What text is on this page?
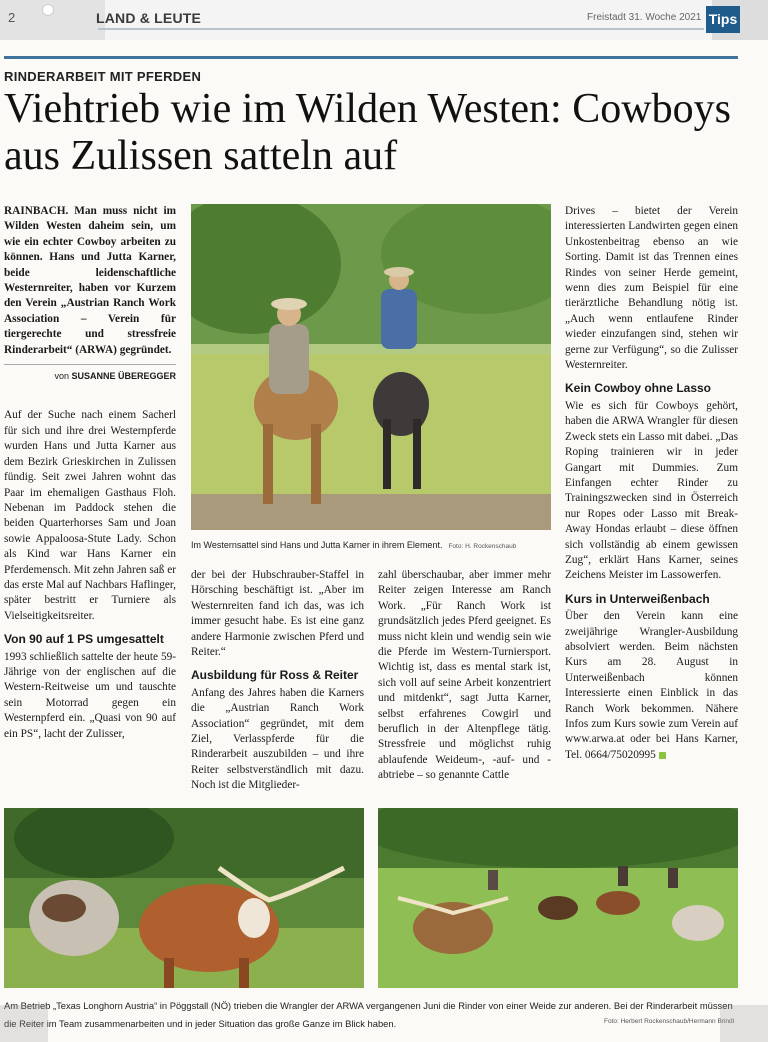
2	LAND & LEUTE	Freistadt 31. Woche 2021 Tips
RINDERARBEIT MIT PFERDEN
Viehtrieb wie im Wilden Westen: Cowboys aus Zulissen satteln auf

RAINBACH. Man muss nicht im Wilden Westen daheim sein, um wie ein echter Cowboy arbeiten zu können. Hans und Jutta Karner, beide leidenschaftliche Westernreiter, haben vor Kurzem den Verein „Austrian Ranch Work Association – Verein für tiergerechte und stressfreie Rinderarbeit“ (ARWA) gegründet.

von SUSANNE ÜBEREGGER

Auf der Suche nach einem Sacherl für sich und ihre drei Westernpferde wurden Hans und Jutta Karner aus dem Bezirk Grieskirchen in Zulissen fündig. Seit zwei Jahren wohnt das Paar im ehemaligen Gasthaus Floh. Nebenan im Paddock stehen die beiden Quarterhorses Sam und Joan sowie Appaloosa-Stute Lady. Schon als Kind war Hans Karner ein Pferdemensch. Mit zehn Jahren saß er das erste Mal auf Nachbars Haflinger, später bestritt er Turniere als Vielseitigkeitsreiter.

Von 90 auf 1 PS umgesattelt

1993 schließlich sattelte der heute 59-Jährige von der englischen auf die Western-Reitweise um und tauschte sein Motorrad gegen ein Westernpferd ein. „Quasi von 90 auf ein PS“, lacht der Zulisser,

Im Westernsattel sind Hans und Jutta Karner in ihrem Element. Foto: H. Rockenschaub

der bei der Hubschrauber-Staffel in Hörsching beschäftigt ist. „Aber im Westernreiten fand ich das, was ich immer gesucht habe. Es ist eine ganz andere Harmonie zwischen Pferd und Reiter.“

Ausbildung für Ross & Reiter

Anfang des Jahres haben die Karners die „Austrian Ranch Work Association“ gegründet, mit dem Ziel, Verlasspferde für die Rinderarbeit auszubilden – und ihre Reiter selbstverständlich mit dazu. Noch ist die Mitglieder-

zahl überschaubar, aber immer mehr Reiter zeigen Interesse am Ranch Work. „Für Ranch Work ist grundsätzlich jedes Pferd geeignet. Es muss nicht klein und wendig sein wie die Pferde im Western-Turniersport. Wichtig ist, dass es mental stark ist, sich voll auf seine Arbeit konzentriert und mitdenkt“, sagt Jutta Karner, selbst erfahrenes Cowgirl und beruflich in der Altenpflege tätig. Stressfreie und möglichst ruhig ablaufende Weideum-, -auf- und -abtriebe – so genannte Cattle

Drives – bietet der Verein interessierten Landwirten gegen einen Unkostenbeitrag ebenso an wie Sorting. Damit ist das Trennen eines Rindes von seiner Herde gemeint, wenn dies zum Beispiel für eine tierärztliche Behandlung nötig ist. „Auch wenn entlaufene Rinder wieder einzufangen sind, stehen wir gerne zur Verfügung“, so die Zulisser Westernreiter.

Kein Cowboy ohne Lasso

Wie es sich für Cowboys gehört, haben die ARWA Wrangler für diesen Zweck stets ein Lasso mit dabei. „Das Roping trainieren wir in jeder Gangart mit Dummies. Zum Einfangen echter Rinder zu Trainingszwecken sind in Österreich nur Ropes oder Lasso mit Break-Away Hondas erlaubt – diese öffnen sich vollständig ab einem gewissen Zug“, erklärt Hans Karner, seines Zeichens Meister im Lassowerfen.

Kurs in Unterweißenbach

Über den Verein kann eine zweijährige Wrangler-Ausbildung absolviert werden. Beim nächsten Kurs am 28. August in Unterweißenbach können Interessierte einen Einblick in das Ranch Work bekommen. Nähere Infos zum Kurs sowie zum Verein auf www.arwa.at oder bei Hans Karner, Tel. 0664/75020995

Am Betrieb „Texas Longhorn Austria“ in Pöggstall (NÖ) trieben die Wrangler der ARWA vergangenen Juni die Rinder von einer Weide zur anderen. Bei der Rinderarbeit müssen die Reiter im Team zusammenarbeiten und in jeder Situation das große Ganze im Blick haben.	Foto: Herbert Rockenschaub/Hermann Brindl
